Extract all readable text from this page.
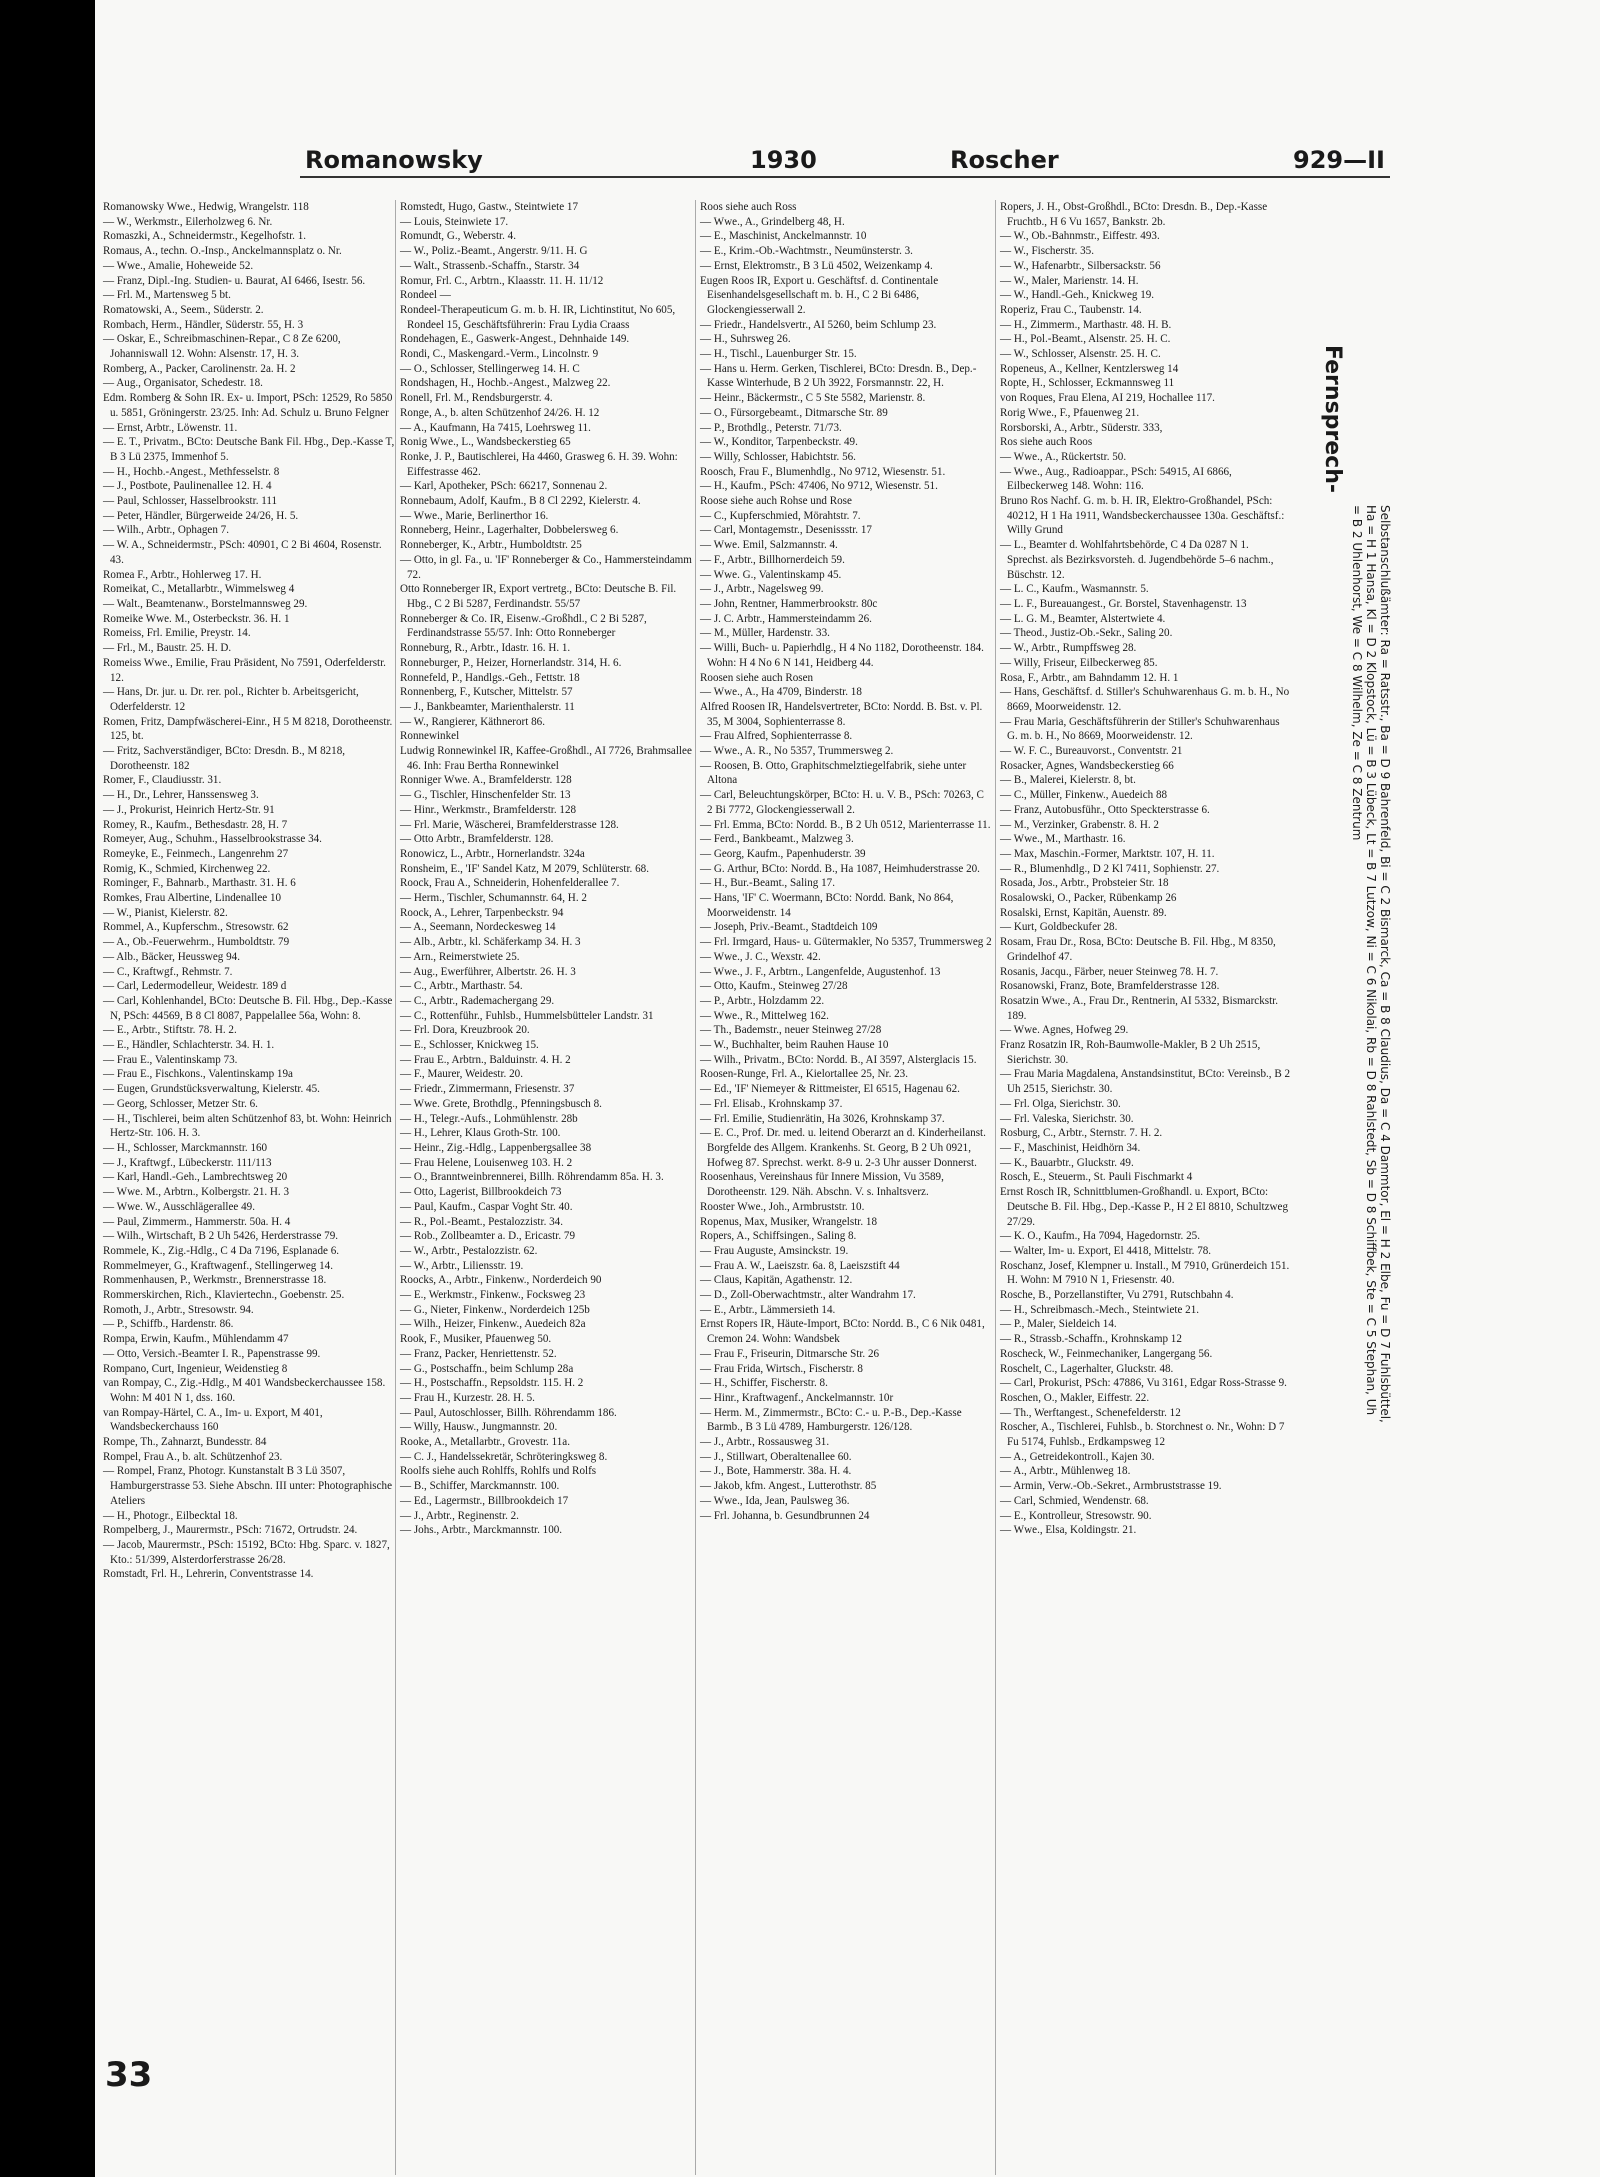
Romanowsky	1930	Roscher	929—II

Romanowsky Wwe., Hedwig, Wrangelstr. 118

— W., Werkmstr., Eilerholzweg 6. Nr.

Romaszki, A., Schneidermstr., Kegelhofstr. 1.

Romaus, A., techn. O.-Insp., Anckelmannsplatz o. Nr.

— Wwe., Amalie, Hoheweide 52.

— Franz, Dipl.-Ing. Studien- u. Baurat, AI 6466, Isestr. 56.

— Frl. M., Martensweg 5 bt.

Romatowski, A., Seem., Süderstr. 2.

Rombach, Herm., Händler, Süderstr. 55, H. 3

— Oskar, E., Schreibmaschinen-Repar., C 8 Ze 6200, Johanniswall 12. Wohn: Alsenstr. 17, H. 3.

Romberg, A., Packer, Carolinenstr. 2a. H. 2

— Aug., Organisator, Schedestr. 18.

Edm. Romberg & Sohn IR. Ex- u. Import, PSch: 12529, Ro 5850 u. 5851, Gröningerstr. 23/25. Inh: Ad. Schulz u. Bruno Felgner

— Ernst, Arbtr., Löwenstr. 11.

— E. T., Privatm., BCto: Deutsche Bank Fil. Hbg., Dep.-Kasse T, B 3 Lü 2375, Immenhof 5.

— H., Hochb.-Angest., Methfesselstr. 8

— J., Postbote, Paulinenallee 12. H. 4

— Paul, Schlosser, Hasselbrookstr. 111

— Peter, Händler, Bürgerweide 24/26, H. 5.

— Wilh., Arbtr., Ophagen 7.

— W. A., Schneidermstr., PSch: 40901, C 2 Bi 4604, Rosenstr. 43.

Romea F., Arbtr., Hohlerweg 17. H.

Romeikat, C., Metallarbtr., Wimmelsweg 4

— Walt., Beamtenanw., Borstelmannsweg 29.

Romeike Wwe. M., Osterbeckstr. 36. H. 1

Romeiss, Frl. Emilie, Preystr. 14.

— Frl., M., Baustr. 25. H. D.

Romeiss Wwe., Emilie, Frau Präsident, No 7591, Oderfelderstr. 12.

— Hans, Dr. jur. u. Dr. rer. pol., Richter b. Arbeitsgericht, Oderfelderstr. 12

Romen, Fritz, Dampfwäscherei-Einr., H 5 M 8218, Dorotheenstr. 125, bt.

— Fritz, Sachverständiger, BCto: Dresdn. B., M 8218, Dorotheenstr. 182

Romer, F., Claudiusstr. 31.

— H., Dr., Lehrer, Hanssensweg 3.

— J., Prokurist, Heinrich Hertz-Str. 91

Romey, R., Kaufm., Bethesdastr. 28, H. 7

Romeyer, Aug., Schuhm., Hasselbrookstrasse 34.

Romeyke, E., Feinmech., Langenrehm 27

Romig, K., Schmied, Kirchenweg 22.

Rominger, F., Bahnarb., Marthastr. 31. H. 6

Romkes, Frau Albertine, Lindenallee 10

— W., Pianist, Kielerstr. 82.

Rommel, A., Kupferschm., Stresowstr. 62

— A., Ob.-Feuerwehrm., Humboldtstr. 79

— Alb., Bäcker, Heussweg 94.

— C., Kraftwgf., Rehmstr. 7.

— Carl, Ledermodelleur, Weidestr. 189 d

— Carl, Kohlenhandel, BCto: Deutsche B. Fil. Hbg., Dep.-Kasse N, PSch: 44569, B 8 Cl 8087, Pappelallee 56a, Wohn: 8.

— E., Arbtr., Stiftstr. 78. H. 2.

— E., Händler, Schlachterstr. 34. H. 1.

— Frau E., Valentinskamp 73.

— Frau E., Fischkons., Valentinskamp 19a

— Eugen, Grundstücksverwaltung, Kielerstr. 45.

— Georg, Schlosser, Metzer Str. 6.

— H., Tischlerei, beim alten Schützenhof 83, bt. Wohn: Heinrich Hertz-Str. 106. H. 3.

— H., Schlosser, Marckmannstr. 160

— J., Kraftwgf., Lübeckerstr. 111/113

— Karl, Handl.-Geh., Lambrechtsweg 20

— Wwe. M., Arbtrn., Kolbergstr. 21. H. 3

— Wwe. W., Ausschlägerallee 49.

— Paul, Zimmerm., Hammerstr. 50a. H. 4

— Wilh., Wirtschaft, B 2 Uh 5426, Herderstrasse 79.

Rommele, K., Zig.-Hdlg., C 4 Da 7196, Esplanade 6.

Rommelmeyer, G., Kraftwagenf., Stellingerweg 14.

Rommenhausen, P., Werkmstr., Brennerstrasse 18.

Rommerskirchen, Rich., Klaviertechn., Goebenstr. 25.

Romoth, J., Arbtr., Stresowstr. 94.

— P., Schiffb., Hardenstr. 86.

Rompa, Erwin, Kaufm., Mühlendamm 47

— Otto, Versich.-Beamter I. R., Papenstrasse 99.

Rompano, Curt, Ingenieur, Weidenstieg 8

van Rompay, C., Zig.-Hdlg., M 401 Wandsbeckerchaussee 158. Wohn: M 401 N 1, dss. 160.

van Rompay-Härtel, C. A., Im- u. Export, M 401, Wandsbeckerchauss 160

Rompe, Th., Zahnarzt, Bundesstr. 84

Rompel, Frau A., b. alt. Schützenhof 23.

— Rompel, Franz, Photogr. Kunstanstalt B 3 Lü 3507, Hamburgerstrasse 53. Siehe Abschn. III unter: Photographische Ateliers

— H., Photogr., Eilbecktal 18.

Rompelberg, J., Maurermstr., PSch: 71672, Ortrudstr. 24.

— Jacob, Maurermstr., PSch: 15192, BCto: Hbg. Sparc. v. 1827, Kto.: 51/399, Alsterdorferstrasse 26/28.

Romstadt, Frl. H., Lehrerin, Conventstrasse 14.

Romstedt, Hugo, Gastw., Steintwiete 17

— Louis, Steinwiete 17.

Romundt, G., Weberstr. 4.

— W., Poliz.-Beamt., Angerstr. 9/11. H. G

— Walt., Strassenb.-Schaffn., Starstr. 34

Romur, Frl. C., Arbtrn., Klaasstr. 11. H. 11/12

Rondeel —

Rondeel-Therapeuticum G. m. b. H. IR, Lichtinstitut, No 605, Rondeel 15, Geschäftsführerin: Frau Lydia Craass

Rondehagen, E., Gaswerk-Angest., Dehnhaide 149.

Rondi, C., Maskengard.-Verm., Lincolnstr. 9

— O., Schlosser, Stellingerweg 14. H. C

Rondshagen, H., Hochb.-Angest., Malzweg 22.

Ronell, Frl. M., Rendsburgerstr. 4.

Ronge, A., b. alten Schützenhof 24/26. H. 12

— A., Kaufmann, Ha 7415, Loehrsweg 11.

Ronig Wwe., L., Wandsbeckerstieg 65

Ronke, J. P., Bautischlerei, Ha 4460, Grasweg 6. H. 39. Wohn: Eiffestrasse 462.

— Karl, Apotheker, PSch: 66217, Sonnenau 2.

Ronnebaum, Adolf, Kaufm., B 8 Cl 2292, Kielerstr. 4.

— Wwe., Marie, Berlinerthor 16.

Ronneberg, Heinr., Lagerhalter, Dobbelersweg 6.

Ronneberger, K., Arbtr., Humboldtstr. 25

— Otto, in gl. Fa., u. 'IF' Ronneberger & Co., Hammersteindamm 72.

Otto Ronneberger IR, Export vertretg., BCto: Deutsche B. Fil. Hbg., C 2 Bi 5287, Ferdinandstr. 55/57

Ronneberger & Co. IR, Eisenw.-Großhdl., C 2 Bi 5287, Ferdinandstrasse 55/57. Inh: Otto Ronneberger

Ronneburg, R., Arbtr., Idastr. 16. H. 1.

Ronneburger, P., Heizer, Hornerlandstr. 314, H. 6.

Ronnefeld, P., Handlgs.-Geh., Fettstr. 18

Ronnenberg, F., Kutscher, Mittelstr. 57

— J., Bankbeamter, Marienthalerstr. 11

— W., Rangierer, Käthnerort 86.

Ronnewinkel

Ludwig Ronnewinkel IR, Kaffee-Großhdl., AI 7726, Brahmsallee 46. Inh: Frau Bertha Ronnewinkel

Ronniger Wwe. A., Bramfelderstr. 128

— G., Tischler, Hinschenfelder Str. 13

— Hinr., Werkmstr., Bramfelderstr. 128

— Frl. Marie, Wäscherei, Bramfelderstrasse 128.

— Otto Arbtr., Bramfelderstr. 128.

Ronowicz, L., Arbtr., Hornerlandstr. 324a

Ronsheim, E., 'IF' Sandel Katz, M 2079, Schlüterstr. 68.

Roock, Frau A., Schneiderin, Hohenfelderallee 7.

— Herm., Tischler, Schumannstr. 64, H. 2

Roock, A., Lehrer, Tarpenbeckstr. 94

— A., Seemann, Nordeckesweg 14

— Alb., Arbtr., kl. Schäferkamp 34. H. 3

— Arn., Reimerstwiete 25.

— Aug., Ewerführer, Albertstr. 26. H. 3

— C., Arbtr., Marthastr. 54.

— C., Arbtr., Rademachergang 29.

— C., Rottenführ., Fuhlsb., Hummelsbütteler Landstr. 31

— Frl. Dora, Kreuzbrook 20.

— E., Schlosser, Knickweg 15.

— Frau E., Arbtrn., Balduinstr. 4. H. 2

— F., Maurer, Weidestr. 20.

— Friedr., Zimmermann, Friesenstr. 37

— Wwe. Grete, Brothdlg., Pfenningsbusch 8.

— H., Telegr.-Aufs., Lohmühlenstr. 28b

— H., Lehrer, Klaus Groth-Str. 100.

— Heinr., Zig.-Hdlg., Lappenbergsallee 38

— Frau Helene, Louisenweg 103. H. 2

— O., Branntweinbrennerei, Billh. Röhrendamm 85a. H. 3.

— Otto, Lagerist, Billbrookdeich 73

— Paul, Kaufm., Caspar Voght Str. 40.

— R., Pol.-Beamt., Pestalozzistr. 34.

— Rob., Zollbeamter a. D., Ericastr. 79

— W., Arbtr., Pestalozzistr. 62.

— W., Arbtr., Liliensstr. 19.

Roocks, A., Arbtr., Finkenw., Norderdeich 90

— E., Werkmstr., Finkenw., Focksweg 23

— G., Nieter, Finkenw., Norderdeich 125b

— Wilh., Heizer, Finkenw., Auedeich 82a

Rook, F., Musiker, Pfauenweg 50.

— Franz, Packer, Henriettenstr. 52.

— G., Postschaffn., beim Schlump 28a

— H., Postschaffn., Repsoldstr. 115. H. 2

— Frau H., Kurzestr. 28. H. 5.

— Paul, Autoschlosser, Billh. Röhrendamm 186.

— Willy, Hausw., Jungmannstr. 20.

Rooke, A., Metallarbtr., Grovestr. 11a.

— C. J., Handelssekretär, Schröteringksweg 8.

Roolfs siehe auch Rohlffs, Rohlfs und Rolfs

— B., Schiffer, Marckmannstr. 100.

— Ed., Lagermstr., Billbrookdeich 17

— J., Arbtr., Reginenstr. 2.

— Johs., Arbtr., Marckmannstr. 100.

Roos siehe auch Ross

— Wwe., A., Grindelberg 48, H.

— E., Maschinist, Anckelmannstr. 10

— E., Krim.-Ob.-Wachtmstr., Neumünsterstr. 3.

— Ernst, Elektromstr., B 3 Lü 4502, Weizenkamp 4.

Eugen Roos IR, Export u. Geschäftsf. d. Continentale Eisenhandelsgesellschaft m. b. H., C 2 Bi 6486, Glockengiesserwall 2.

— Friedr., Handelsvertr., AI 5260, beim Schlump 23.

— H., Suhrsweg 26.

— H., Tischl., Lauenburger Str. 15.

— Hans u. Herm. Gerken, Tischlerei, BCto: Dresdn. B., Dep.-Kasse Winterhude, B 2 Uh 3922, Forsmannstr. 22, H.

— Heinr., Bäckermstr., C 5 Ste 5582, Marienstr. 8.

— O., Fürsorgebeamt., Ditmarsche Str. 89

— P., Brothdlg., Peterstr. 71/73.

— W., Konditor, Tarpenbeckstr. 49.

— Willy, Schlosser, Habichtstr. 56.

Roosch, Frau F., Blumenhdlg., No 9712, Wiesenstr. 51.

— H., Kaufm., PSch: 47406, No 9712, Wiesenstr. 51.

Roose siehe auch Rohse und Rose

— C., Kupferschmied, Mörahtstr. 7.

— Carl, Montagemstr., Desenissstr. 17

— Wwe. Emil, Salzmannstr. 4.

— F., Arbtr., Billhornerdeich 59.

— Wwe. G., Valentinskamp 45.

— J., Arbtr., Nagelsweg 99.

— John, Rentner, Hammerbrookstr. 80c

— J. C. Arbtr., Hammersteindamm 26.

— M., Müller, Hardenstr. 33.

— Willi, Buch- u. Papierhdlg., H 4 No 1182, Dorotheenstr. 184. Wohn: H 4 No 6 N 141, Heidberg 44.

Roosen siehe auch Rosen

— Wwe., A., Ha 4709, Binderstr. 18

Alfred Roosen IR, Handelsvertreter, BCto: Nordd. B. Bst. v. Pl. 35, M 3004, Sophienterrasse 8.

— Frau Alfred, Sophienterrasse 8.

— Wwe., A. R., No 5357, Trummersweg 2.

— Roosen, B. Otto, Graphitschmelztiegelfabrik, siehe unter Altona

— Carl, Beleuchtungskörper, BCto: H. u. V. B., PSch: 70263, C 2 Bi 7772, Glockengiesserwall 2.

— Frl. Emma, BCto: Nordd. B., B 2 Uh 0512, Marienterrasse 11.

— Ferd., Bankbeamt., Malzweg 3.

— Georg, Kaufm., Papenhuderstr. 39

— G. Arthur, BCto: Nordd. B., Ha 1087, Heimhuderstrasse 20.

— H., Bur.-Beamt., Saling 17.

— Hans, 'IF' C. Woermann, BCto: Nordd. Bank, No 864, Moorweidenstr. 14

— Joseph, Priv.-Beamt., Stadtdeich 109

— Frl. Irmgard, Haus- u. Gütermakler, No 5357, Trummersweg 2

— Wwe., J. C., Wexstr. 42.

— Wwe., J. F., Arbtrn., Langenfelde, Augustenhof. 13

— Otto, Kaufm., Steinweg 27/28

— P., Arbtr., Holzdamm 22.

— Wwe., R., Mittelweg 162.

— Th., Bademstr., neuer Steinweg 27/28

— W., Buchhalter, beim Rauhen Hause 10

— Wilh., Privatm., BCto: Nordd. B., AI 3597, Alsterglacis 15.

Roosen-Runge, Frl. A., Kielortallee 25, Nr. 23.

— Ed., 'IF' Niemeyer & Rittmeister, El 6515, Hagenau 62.

— Frl. Elisab., Krohnskamp 37.

— Frl. Emilie, Studienrätin, Ha 3026, Krohnskamp 37.

— E. C., Prof. Dr. med. u. leitend Oberarzt an d. Kinderheilanst. Borgfelde des Allgem. Krankenhs. St. Georg, B 2 Uh 0921, Hofweg 87. Sprechst. werkt. 8-9 u. 2-3 Uhr ausser Donnerst.

Roosenhaus, Vereinshaus für Innere Mission, Vu 3589, Dorotheenstr. 129. Näh. Abschn. V. s. Inhaltsverz.

Rooster Wwe., Joh., Armbruststr. 10.

Ropenus, Max, Musiker, Wrangelstr. 18

Ropers, A., Schiffsingen., Saling 8.

— Frau Auguste, Amsinckstr. 19.

— Frau A. W., Laeiszstr. 6a. 8, Laeiszstift 44

— Claus, Kapitän, Agathenstr. 12.

— D., Zoll-Oberwachtmstr., alter Wandrahm 17.

— E., Arbtr., Lämmersieth 14.

Ernst Ropers IR, Häute-Import, BCto: Nordd. B., C 6 Nik 0481, Cremon 24. Wohn: Wandsbek

— Frau F., Friseurin, Ditmarsche Str. 26

— Frau Frida, Wirtsch., Fischerstr. 8

— H., Schiffer, Fischerstr. 8.

— Hinr., Kraftwagenf., Anckelmannstr. 10r

— Herm. M., Zimmermstr., BCto: C.- u. P.-B., Dep.-Kasse Barmb., B 3 Lü 4789, Hamburgerstr. 126/128.

— J., Arbtr., Rossausweg 31.

— J., Stillwart, Oberaltenallee 60.

— J., Bote, Hammerstr. 38a. H. 4.

— Jakob, kfm. Angest., Lutterothstr. 85

— Wwe., Ida, Jean, Paulsweg 36.

— Frl. Johanna, b. Gesundbrunnen 24

Ropers, J. H., Obst-Großhdl., BCto: Dresdn. B., Dep.-Kasse Fruchtb., H 6 Vu 1657, Bankstr. 2b.

— W., Ob.-Bahnmstr., Eiffestr. 493.

— W., Fischerstr. 35.

— W., Hafenarbtr., Silbersackstr. 56

— W., Maler, Marienstr. 14. H.

— W., Handl.-Geh., Knickweg 19.

Roperiz, Frau C., Taubenstr. 14.

— H., Zimmerm., Marthastr. 48. H. B.

— H., Pol.-Beamt., Alsenstr. 25. H. C.

— W., Schlosser, Alsenstr. 25. H. C.

Ropeneus, A., Kellner, Kentzlersweg 14

Ropte, H., Schlosser, Eckmannsweg 11

von Roques, Frau Elena, AI 219, Hochallee 117.

Rorig Wwe., F., Pfauenweg 21.

Rorsborski, A., Arbtr., Süderstr. 333,

Ros siehe auch Roos

— Wwe., A., Rückertstr. 50.

— Wwe., Aug., Radioappar., PSch: 54915, AI 6866, Eilbeckerweg 148. Wohn: 116.

Bruno Ros Nachf. G. m. b. H. IR, Elektro-Großhandel, PSch: 40212, H 1 Ha 1911, Wandsbeckerchaussee 130a. Geschäftsf.: Willy Grund

— L., Beamter d. Wohlfahrtsbehörde, C 4 Da 0287 N 1. Sprechst. als Bezirksvorsteh. d. Jugendbehörde 5–6 nachm., Büschstr. 12.

— L. C., Kaufm., Wasmannstr. 5.

— L. F., Bureauangest., Gr. Borstel, Stavenhagenstr. 13

— L. G. M., Beamter, Alstertwiete 4.

— Theod., Justiz-Ob.-Sekr., Saling 20.

— W., Arbtr., Rumpffsweg 28.

— Willy, Friseur, Eilbeckerweg 85.

Rosa, F., Arbtr., am Bahndamm 12. H. 1

— Hans, Geschäftsf. d. Stiller's Schuhwarenhaus G. m. b. H., No 8669, Moorweidenstr. 12.

— Frau Maria, Geschäftsführerin der Stiller's Schuhwarenhaus G. m. b. H., No 8669, Moorweidenstr. 12.

— W. F. C., Bureauvorst., Conventstr. 21

Rosacker, Agnes, Wandsbeckerstieg 66

— B., Malerei, Kielerstr. 8, bt.

— C., Müller, Finkenw., Auedeich 88

— Franz, Autobusführ., Otto Speckterstrasse 6.

— M., Verzinker, Grabenstr. 8. H. 2

— Wwe., M., Marthastr. 16.

— Max, Maschin.-Former, Marktstr. 107, H. 11.

— R., Blumenhdlg., D 2 Kl 7411, Sophienstr. 27.

Rosada, Jos., Arbtr., Probsteier Str. 18

Rosalowski, O., Packer, Rübenkamp 26

Rosalski, Ernst, Kapitän, Auenstr. 89.

— Kurt, Goldbeckufer 28.

Rosam, Frau Dr., Rosa, BCto: Deutsche B. Fil. Hbg., M 8350, Grindelhof 47.

Rosanis, Jacqu., Färber, neuer Steinweg 78. H. 7.

Rosanowski, Franz, Bote, Bramfelderstrasse 128.

Rosatzin Wwe., A., Frau Dr., Rentnerin, AI 5332, Bismarckstr. 189.

— Wwe. Agnes, Hofweg 29.

Franz Rosatzin IR, Roh-Baumwolle-Makler, B 2 Uh 2515, Sierichstr. 30.

— Frau Maria Magdalena, Anstandsinstitut, BCto: Vereinsb., B 2 Uh 2515, Sierichstr. 30.

— Frl. Olga, Sierichstr. 30.

— Frl. Valeska, Sierichstr. 30.

Rosburg, C., Arbtr., Sternstr. 7. H. 2.

— F., Maschinist, Heidhörn 34.

— K., Bauarbtr., Gluckstr. 49.

Rosch, E., Steuerm., St. Pauli Fischmarkt 4

Ernst Rosch IR, Schnittblumen-Großhandl. u. Export, BCto: Deutsche B. Fil. Hbg., Dep.-Kasse P., H 2 El 8810, Schultzweg 27/29.

— K. O., Kaufm., Ha 7094, Hagedornstr. 25.

— Walter, Im- u. Export, El 4418, Mittelstr. 78.

Roschanz, Josef, Klempner u. Install., M 7910, Grünerdeich 151. H. Wohn: M 7910 N 1, Friesenstr. 40.

Rosche, B., Porzellanstifter, Vu 2791, Rutschbahn 4.

— H., Schreibmasch.-Mech., Steintwiete 21.

— P., Maler, Sieldeich 14.

— R., Strassb.-Schaffn., Krohnskamp 12

Roscheck, W., Feinmechaniker, Langergang 56.

Roschelt, C., Lagerhalter, Gluckstr. 48.

— Carl, Prokurist, PSch: 47886, Vu 3161, Edgar Ross-Strasse 9.

Roschen, O., Makler, Eiffestr. 22.

— Th., Werftangest., Schenefelderstr. 12

Roscher, A., Tischlerei, Fuhlsb., b. Storchnest o. Nr., Wohn: D 7 Fu 5174, Fuhlsb., Erdkampsweg 12

— A., Getreidekontroll., Kajen 30.

— A., Arbtr., Mühlenweg 18.

— Armin, Verw.-Ob.-Sekret., Armbruststrasse 19.

— Carl, Schmied, Wendenstr. 68.

— E., Kontrolleur, Stresowstr. 90.

— Wwe., Elsa, Koldingstr. 21.

33
Fernsprech-
Selbstanschlußämter: Ra = Ratsstr., Ba = D 9 Bahrenfeld, Bi = C 2 Bismarck, Ca = B 8 Claudius, Da = C 4 Dammtor, El = H 2 Elbe, Fu = D 7 Fuhlsbüttel, Ha = H 1 Hansa, Kl = D 2 Klopstock, Lü = B 3 Lübeck, Lt = B 7 Lutzow, Ni = C 6 Nikolai, Rb = D 8 Rahlstedt, Sb = D 8 Schiffbek, Ste = C 5 Stephan, Uh = B 2 Uhlenhorst, We = C 8 Wilhelm, Ze = C 8 Zentrum
